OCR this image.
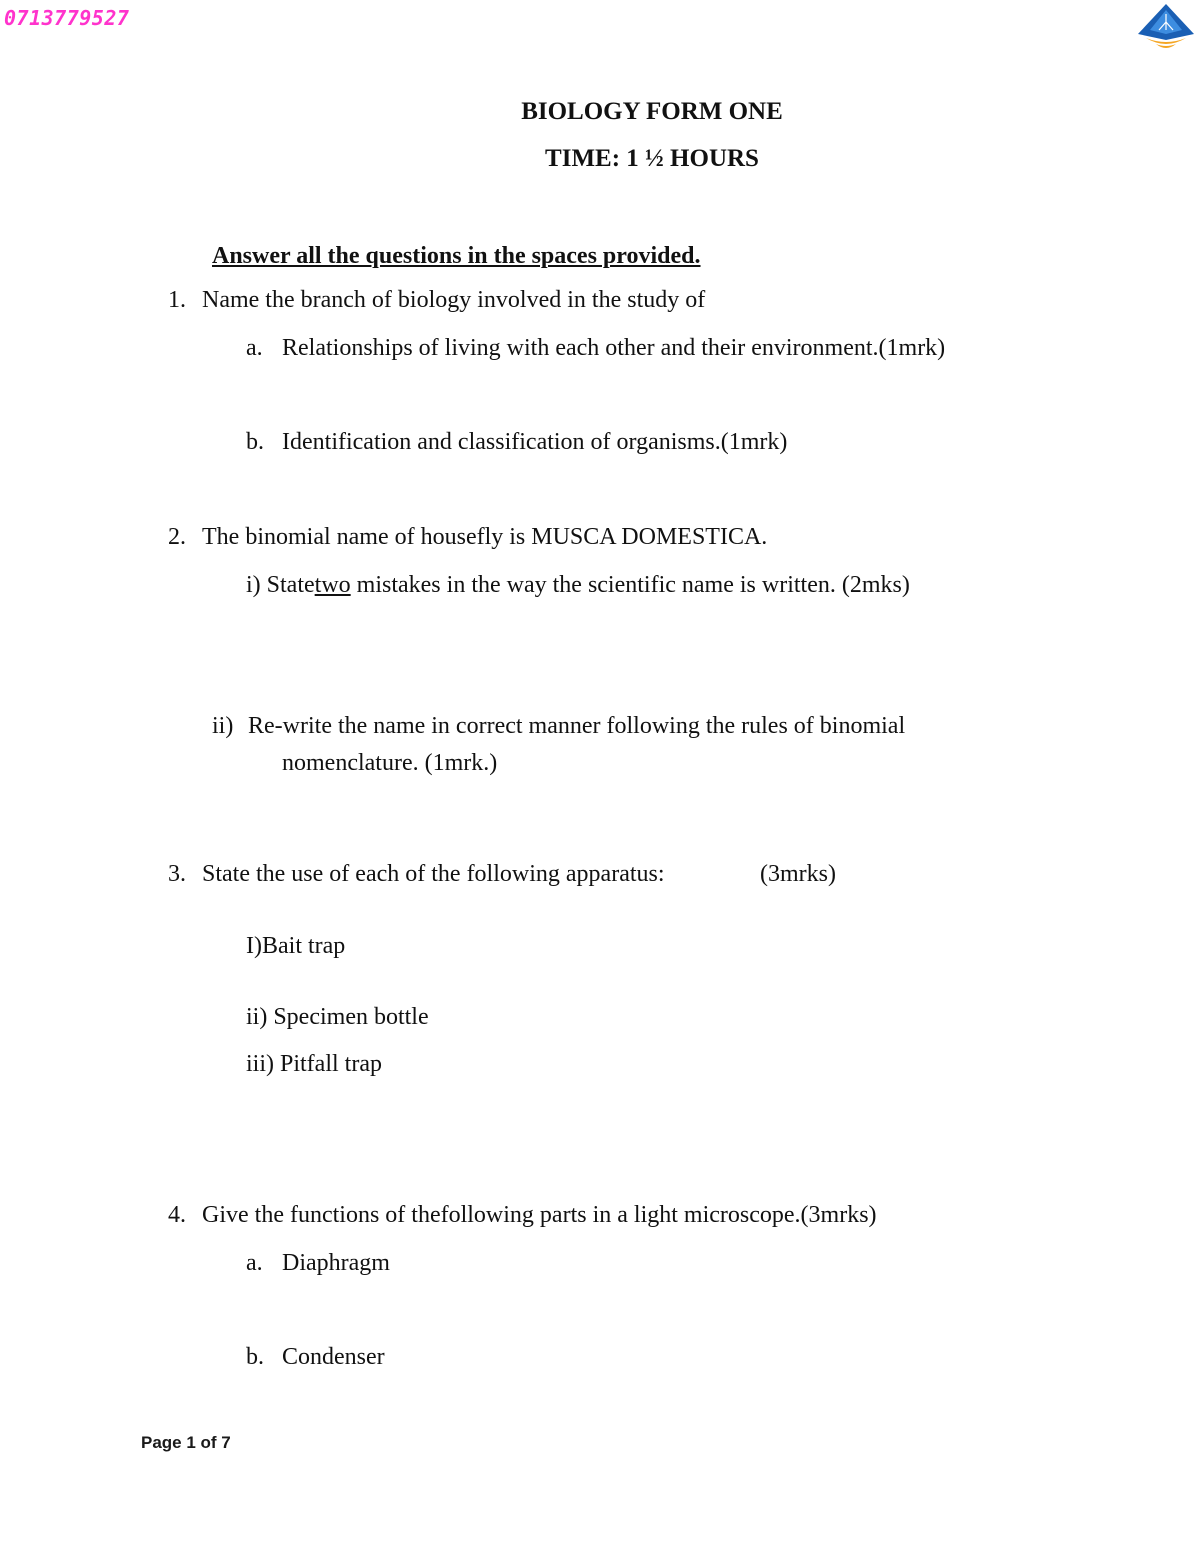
0713779527
BIOLOGY FORM ONE
TIME: 1 ½ HOURS
Answer all the questions in the spaces provided.
1. Name the branch of biology involved in the study of
a. Relationships of living with each other and their environment.(1mrk)
b. Identification and classification of organisms.(1mrk)
2. The binomial name of housefly is MUSCA DOMESTICA.
i) Statetwo mistakes in the way the scientific name is written. (2mks)
ii) Re-write the name in correct manner following the rules of binomial
nomenclature. (1mrk.)
3. State the use of each of the following apparatus:	(3mrks)
I)Bait trap
ii) Specimen bottle
iii) Pitfall trap
4. Give the functions of thefollowing parts in a light microscope.(3mrks)
a. Diaphragm
b. Condenser
Page 1 of 7
